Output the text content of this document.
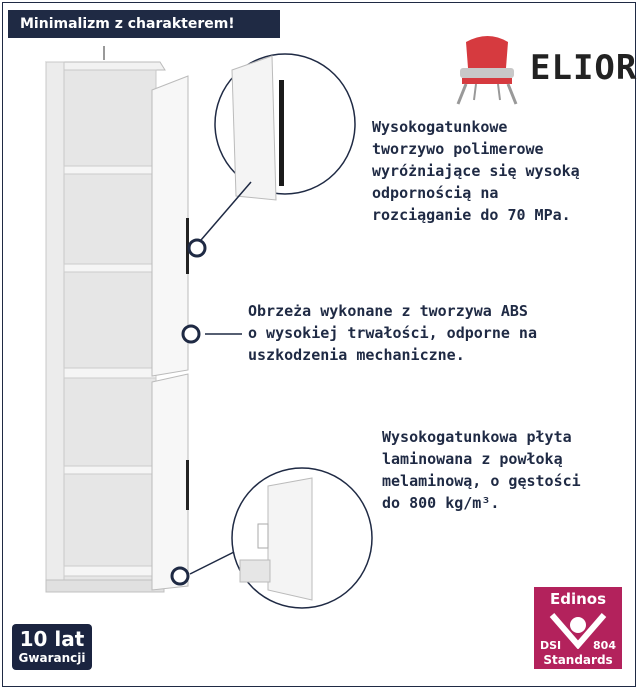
Minimalizm z charakterem!
ELIOR
Wysokogatunkowe
tworzywo polimerowe
wyróżniające się wysoką
odpornością na
rozciąganie do 70 MPa.
Obrzeża wykonane z tworzywa ABS
o wysokiej trwałości, odporne na
uszkodzenia mechaniczne.
Wysokogatunkowa płyta
laminowana z powłoką
melaminową, o gęstości
do 800 kg/m³.
10 lat
Gwarancji
Edinos
DSI	804
Standards
